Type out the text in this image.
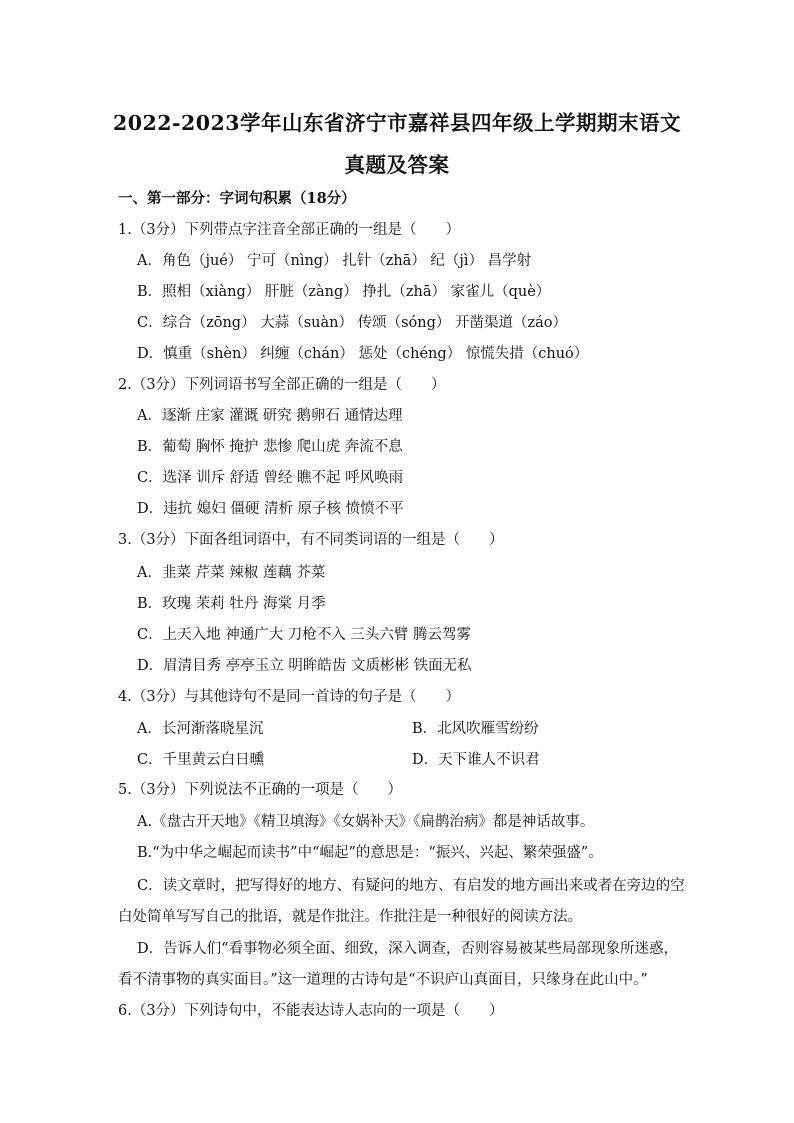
2022-2023学年山东省济宁市嘉祥县四年级上学期期末语文
真题及答案
一、第一部分：字词句积累（18分）
1.（3分）下列带点字注音全部正确的一组是（　　）
A．角色（jué） 宁可（nìng） 扎针（zhā） 纪（jì） 昌学射
B．照相（xiàng） 肝脏（zàng） 挣扎（zhā） 家雀儿（què）
C．综合（zōng） 大蒜（suàn） 传颂（sóng） 开凿渠道（záo）
D．慎重（shèn） 纠缠（chán） 惩处（chéng） 惊慌失措（chuó）
2.（3分）下列词语书写全部正确的一组是（　　）
A．逐渐 庄家 灌溉 研究 鹅卵石 通情达理
B．葡萄 胸怀 掩护 悲惨 爬山虎 奔流不息
C．选泽 训斥 舒适 曾经 瞧不起 呼风唤雨
D．违抗 媳妇 僵硬 清析 原子核 愤愤不平
3.（3分）下面各组词语中，有不同类词语的一组是（　　）
A．韭菜 芹菜 辣椒 莲藕 芥菜
B．玫瑰 茉莉 牡丹 海棠 月季
C．上天入地 神通广大 刀枪不入 三头六臂 腾云驾雾
D．眉清目秀 亭亭玉立 明眸皓齿 文质彬彬 铁面无私
4.（3分）与其他诗句不是同一首诗的句子是（　　）
A．长河渐落晓星沉	B．北风吹雁雪纷纷
C．千里黄云白日曛	D．天下谁人不识君
5.（3分）下列说法不正确的一项是（　　）
A.《盘古开天地》《精卫填海》《女娲补天》《扁鹊治病》都是神话故事。
B.“为中华之崛起而读书”中“崛起”的意思是：“振兴、兴起、繁荣强盛”。
C．读文章时，把写得好的地方、有疑问的地方、有启发的地方画出来或者在旁边的空
白处简单写写自己的批语，就是作批注。作批注是一种很好的阅读方法。
D．告诉人们“看事物必须全面、细致，深入调查，否则容易被某些局部现象所迷惑，
看不清事物的真实面目。”这一道理的古诗句是“不识庐山真面目，只缘身在此山中。”
6.（3分）下列诗句中，不能表达诗人志向的一项是（　　）
